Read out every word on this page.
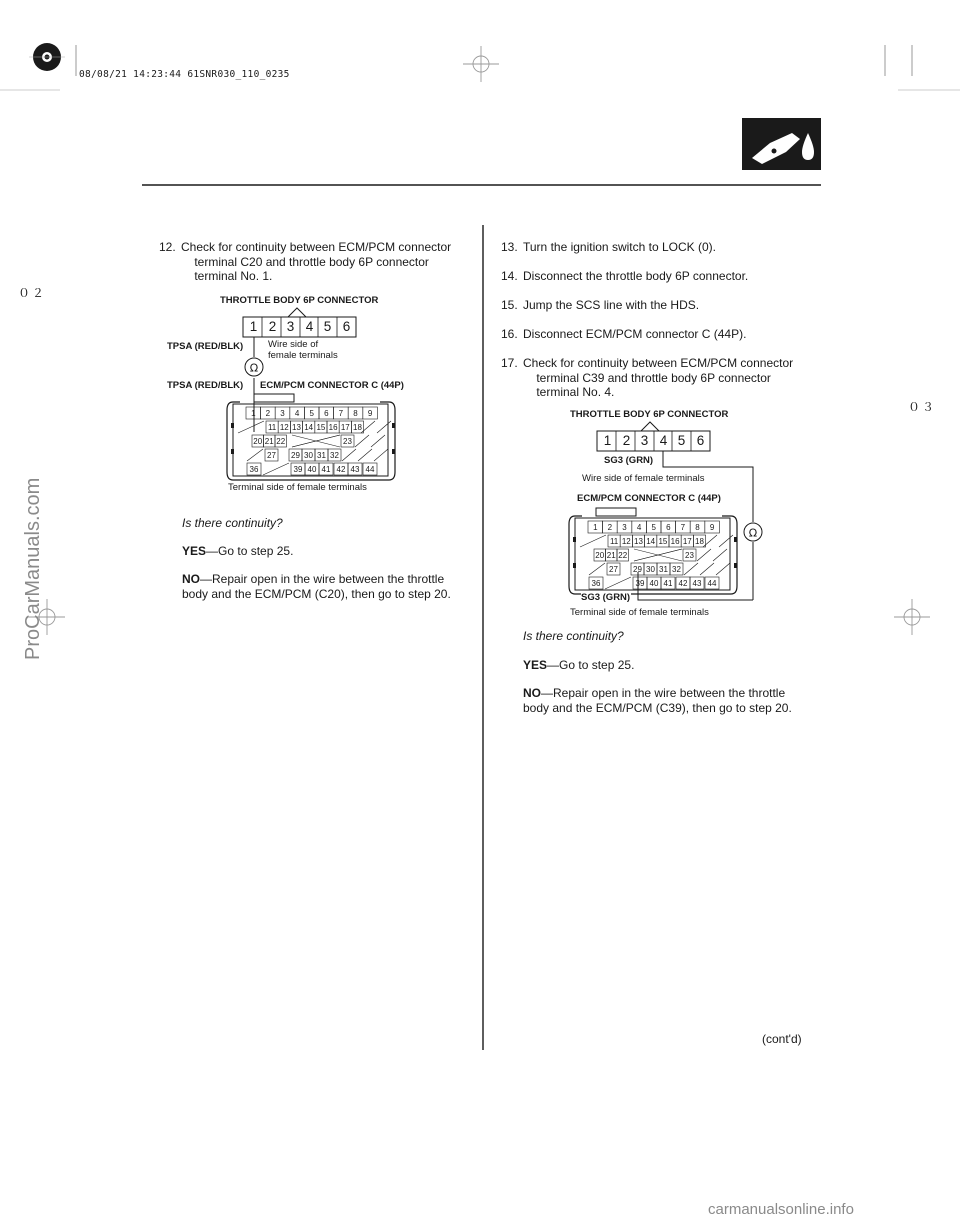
08/08/21 14:23:44 61SNR030_110_0235
０２
０３
ProCarManuals.com
carmanualsonline.info
12. Check for continuity between ECM/PCM connector
terminal C20 and throttle body 6P connector
terminal No. 1.
Ω
1 2 3 4 5 6 7 8 9
11 12 13 14 15 16 17 18
20 21 22	23
27 29 30 31 32
36	39 40 41 42 43 44
THROTTLE BODY 6P CONNECTOR
1 2 3 4 5 6
TPSA (RED/BLK)	Wire side of
female terminals
TPSA (RED/BLK) ECM/PCM CONNECTOR C (44P)
Terminal side of female terminals
Is there continuity?
YES—Go to step 25.
NO—Repair open in the wire between the throttle
body and the ECM/PCM (C20), then go to step 20.
13. Turn the ignition switch to LOCK (0).
14. Disconnect the throttle body 6P connector.
15. Jump the SCS line with the HDS.
16. Disconnect ECM/PCM connector C (44P).
17. Check for continuity between ECM/PCM connector
terminal C39 and throttle body 6P connector
terminal No. 4.
Ω
1 2 3 4 5 6 7 8 9
11 12 13 14 15 16 17 18
20 21 22	23
27 29 30 31 32
36	39 40 41 42 43 44
THROTTLE BODY 6P CONNECTOR
1 2 3 4 5 6
SG3 (GRN)
Wire side of female terminals
ECM/PCM CONNECTOR C (44P)
SG3 (GRN)
Terminal side of female terminals
Is there continuity?
YES—Go to step 25.
NO—Repair open in the wire between the throttle
body and the ECM/PCM (C39), then go to step 20.
(cont'd)
